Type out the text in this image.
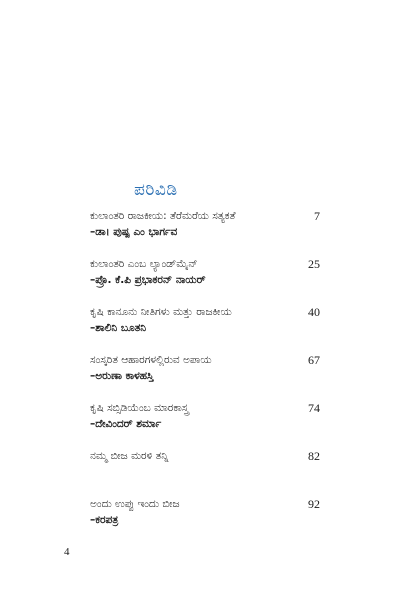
ಪರಿವಿಡಿ
ಕುಲಾಂತರಿ ರಾಜಕೀಯ: ತೆರೆಮರೆಯ ಸತ್ಯಕತೆ
–ಡಾ। ಪುಷ್ಪ ಎಂ ಭಾರ್ಗವ
7
ಕುಲಾಂತರಿ ಎಂಬ ಲ್ಯಾಂಡ್‌ಮೈನ್
–ಪ್ರೊ. ಕೆ.ಪಿ ಪ್ರಭಾಕರನ್ ನಾಯರ್
25
ಕೃಷಿ ಕಾನೂನು ನೀತಿಗಳು ಮತ್ತು ರಾಜಕೀಯ
–ಶಾಲಿನಿ ಬೂತನಿ
40
ಸಂಸ್ಕರಿತ ಆಹಾರಗಳಲ್ಲಿರುವ ಅಪಾಯ
–ಅರುಣಾ ಕಾಳಹಸ್ತಿ
67
ಕೃಷಿ ಸಬ್ಸಿಡಿಯೆಂಬ ಮಾರಕಾಸ್ತ್ರ
–ದೇವಿಂದರ್ ಶರ್ಮಾ
74
ನಮ್ಮ ಬೀಜ ಮರಳಿ ತನ್ನಿ	82
ಅಂದು ಉಪ್ಪು ಇಂದು ಬೀಜ
–ಕರಪತ್ರ
92
4
